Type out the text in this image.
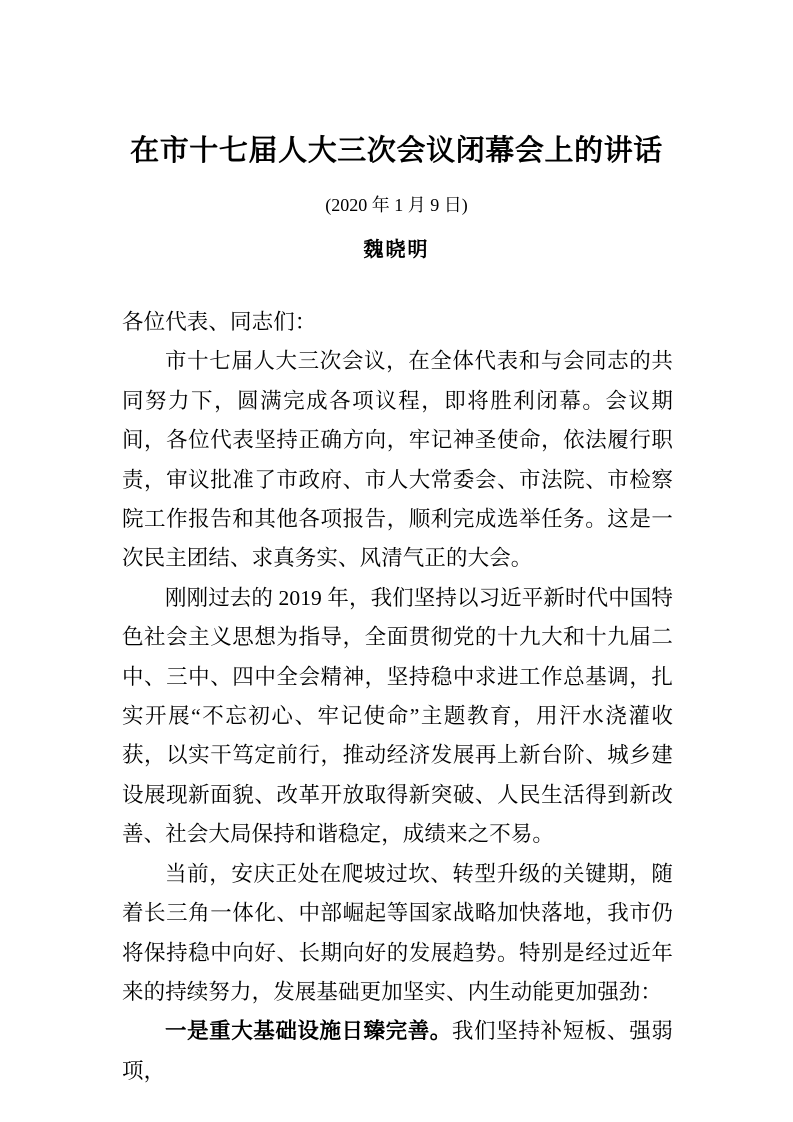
在市十七届人大三次会议闭幕会上的讲话
(2020 年 1 月 9 日)
魏晓明

各位代表、同志们：

市十七届人大三次会议，在全体代表和与会同志的共同努力下，圆满完成各项议程，即将胜利闭幕。会议期间，各位代表坚持正确方向，牢记神圣使命，依法履行职责，审议批准了市政府、市人大常委会、市法院、市检察院工作报告和其他各项报告，顺利完成选举任务。这是一次民主团结、求真务实、风清气正的大会。

刚刚过去的 2019 年，我们坚持以习近平新时代中国特色社会主义思想为指导，全面贯彻党的十九大和十九届二中、三中、四中全会精神，坚持稳中求进工作总基调，扎实开展“不忘初心、牢记使命”主题教育，用汗水浇灌收获，以实干笃定前行，推动经济发展再上新台阶、城乡建设展现新面貌、改革开放取得新突破、人民生活得到新改善、社会大局保持和谐稳定，成绩来之不易。

当前，安庆正处在爬坡过坎、转型升级的关键期，随着长三角一体化、中部崛起等国家战略加快落地，我市仍将保持稳中向好、长期向好的发展趋势。特别是经过近年来的持续努力，发展基础更加坚实、内生动能更加强劲：

一是重大基础设施日臻完善。我们坚持补短板、强弱项，
